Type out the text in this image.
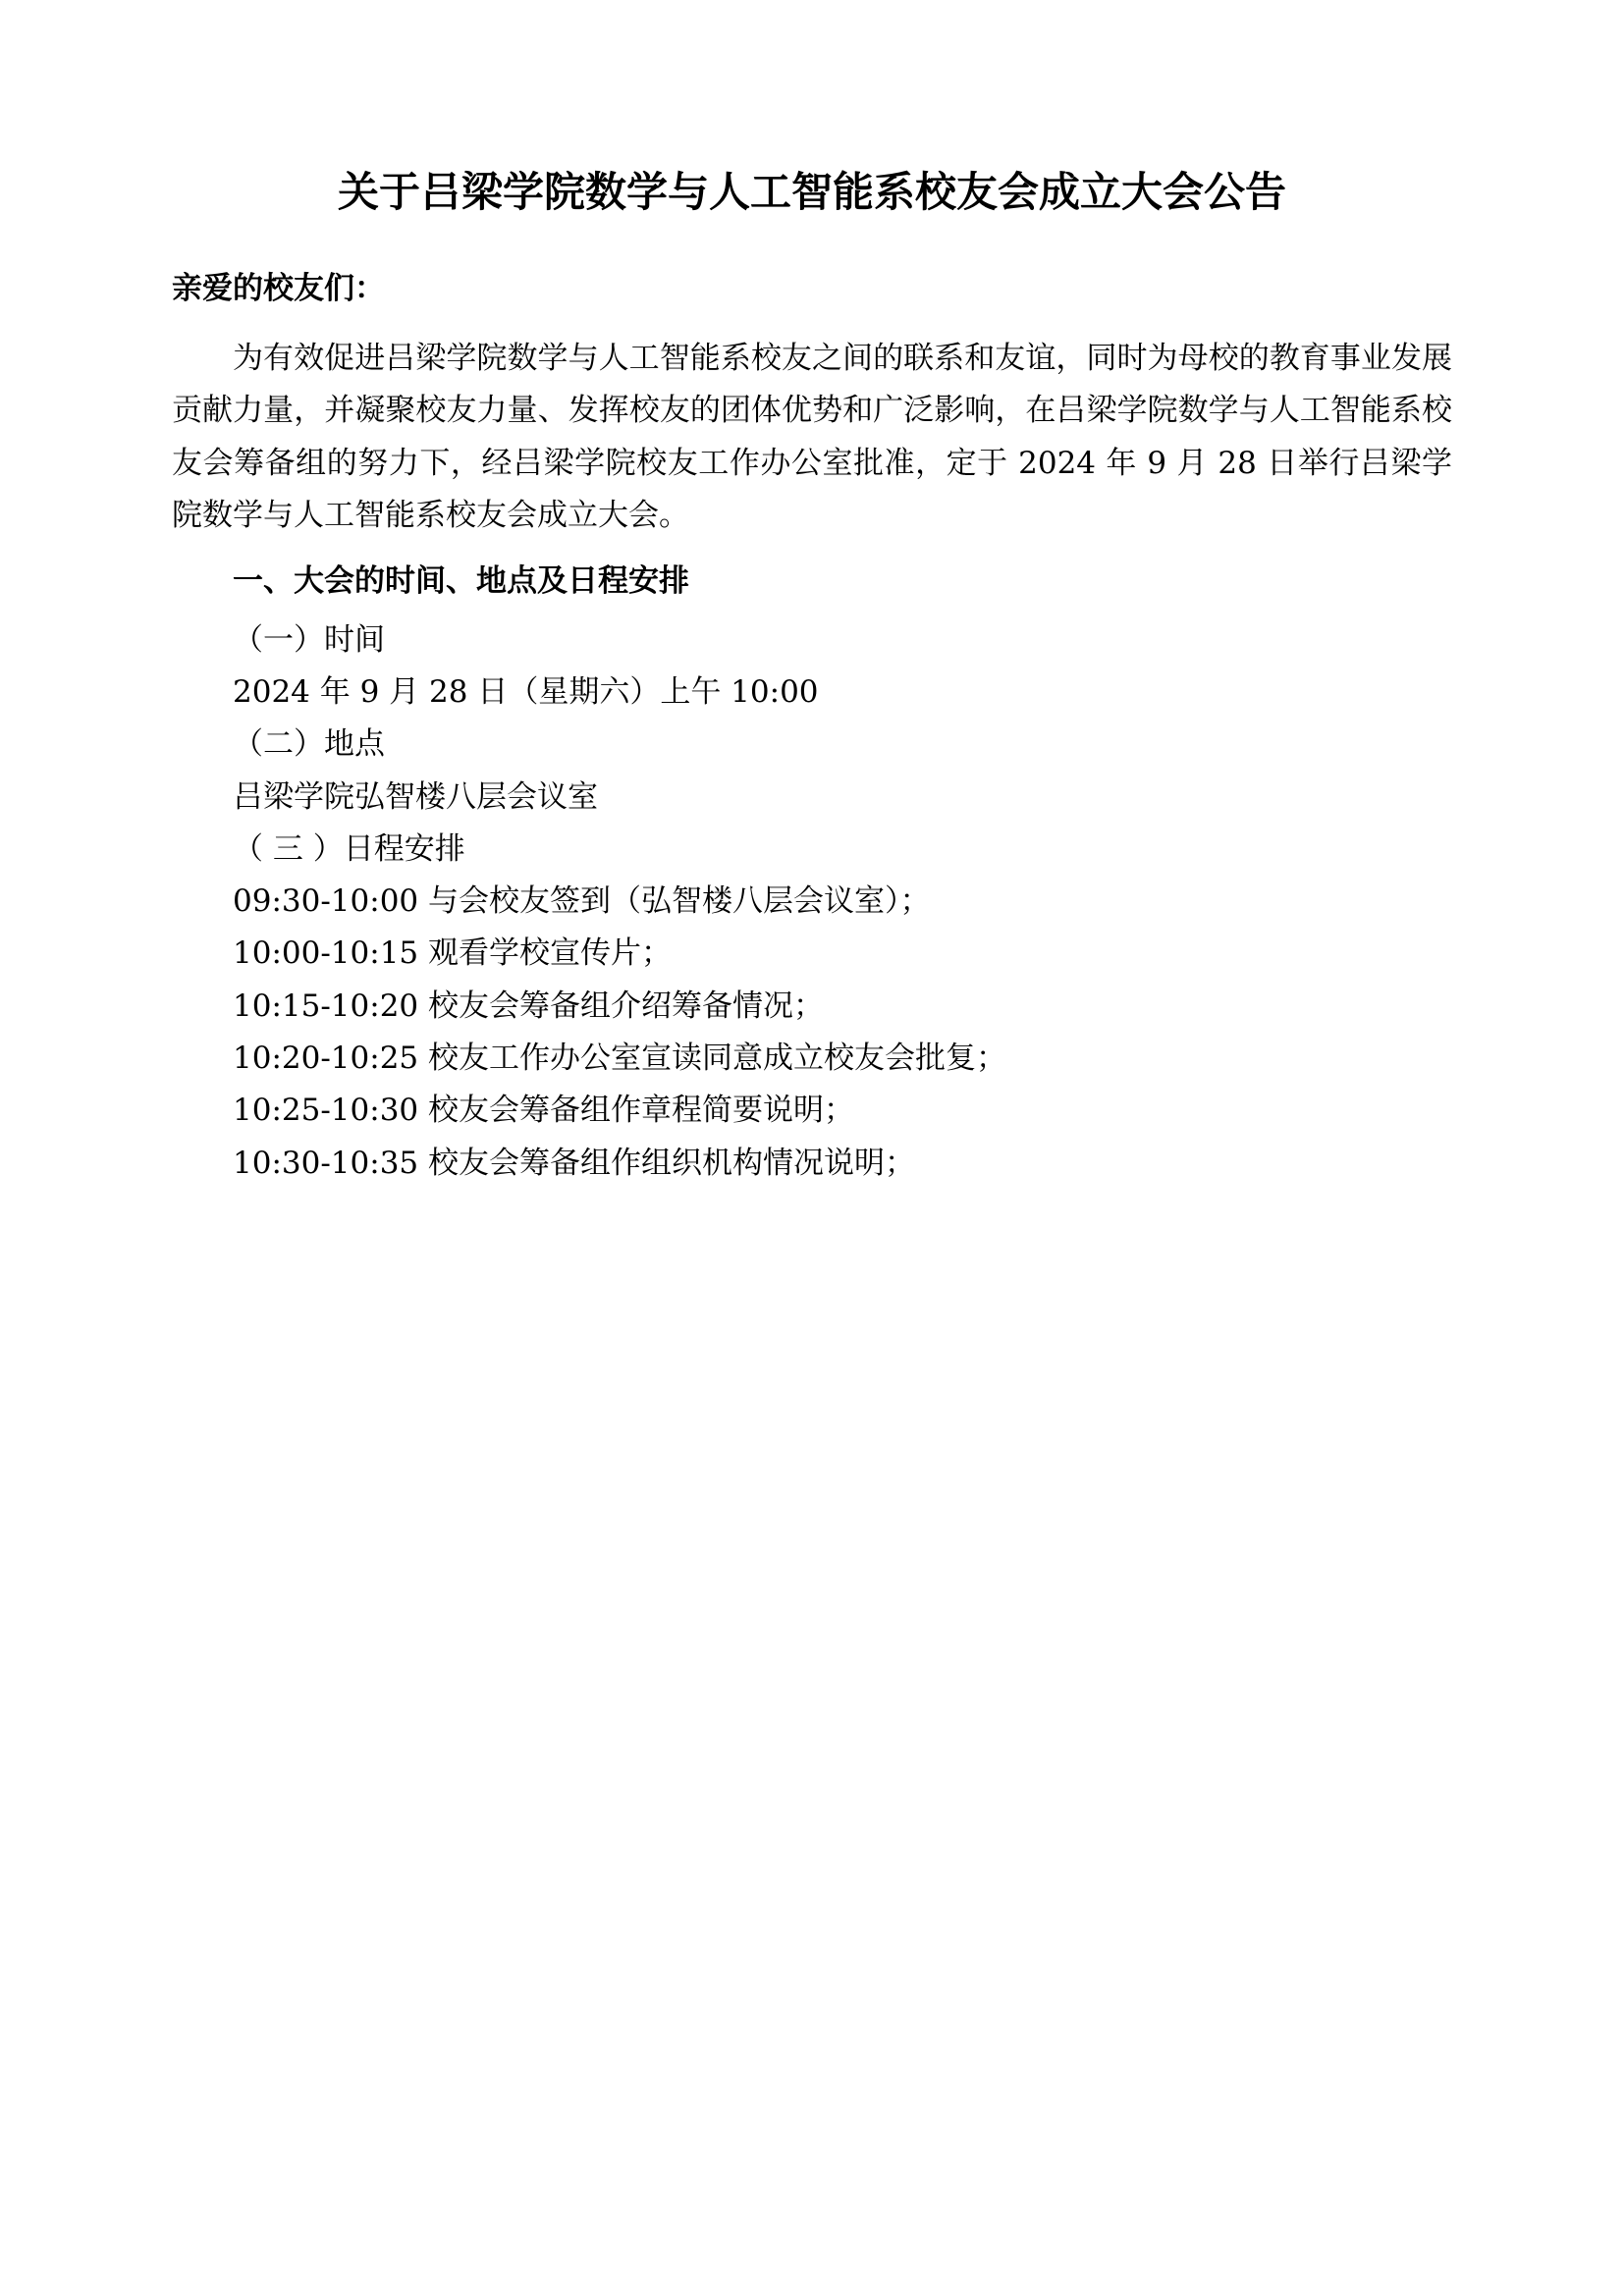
关于吕梁学院数学与人工智能系校友会成立大会公告

亲爱的校友们：

为有效促进吕梁学院数学与人工智能系校友之间的联系和友谊，同时为母校的教育事业发展贡献力量，并凝聚校友力量、发挥校友的团体优势和广泛影响，在吕梁学院数学与人工智能系校友会筹备组的努力下，经吕梁学院校友工作办公室批准，定于 2024 年 9 月 28 日举行吕梁学院数学与人工智能系校友会成立大会。

一、大会的时间、地点及日程安排

（一）时间

2024 年 9 月 28 日（星期六）上午 10:00

（二）地点

吕梁学院弘智楼八层会议室

（ 三 ）日程安排

09:30-10:00 与会校友签到（弘智楼八层会议室）；

10:00-10:15 观看学校宣传片；

10:15-10:20 校友会筹备组介绍筹备情况；

10:20-10:25 校友工作办公室宣读同意成立校友会批复；

10:25-10:30 校友会筹备组作章程简要说明；

10:30-10:35 校友会筹备组作组织机构情况说明；
